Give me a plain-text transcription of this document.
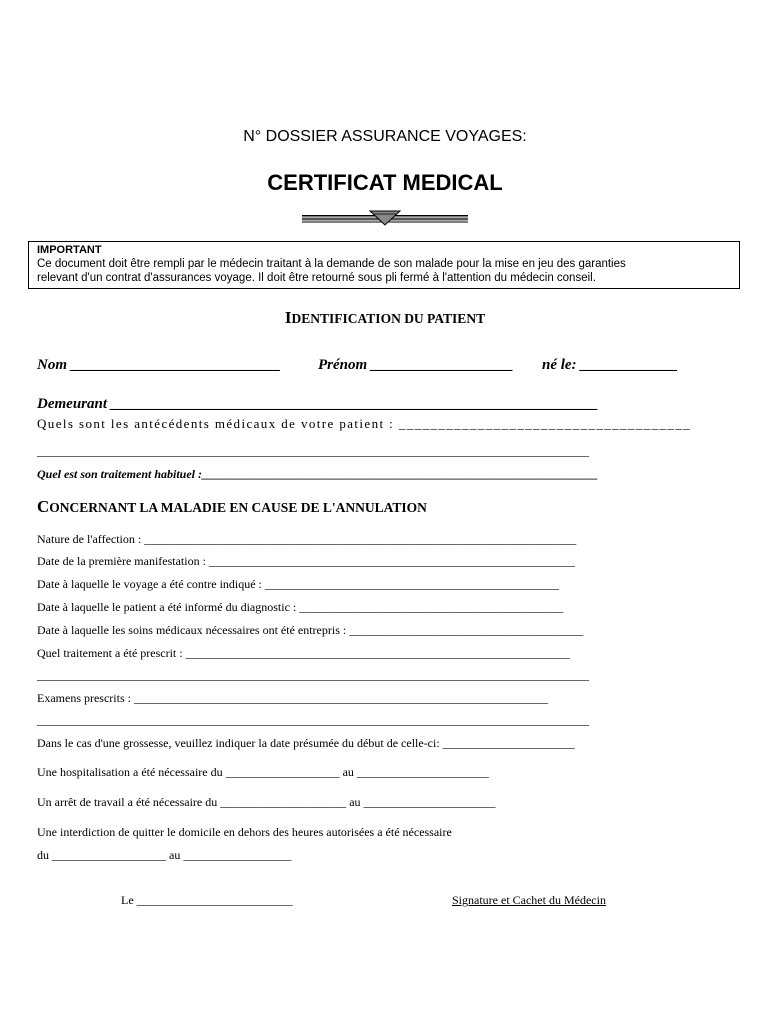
N° DOSSIER ASSURANCE VOYAGES:
CERTIFICAT MEDICAL
IMPORTANT
Ce document doit être rempli par le médecin traitant à la demande de son malade pour la mise en jeu des garanties
relevant d'un contrat d'assurances voyage. Il doit être retourné sous pli fermé à l'attention du médecin conseil.
IDENTIFICATION DU PATIENT
Nom ____________________________ Prénom ___________________ né le: _____________
Demeurant _________________________________________________________________
Quels sont les antécédents médicaux de votre patient : _____________________________________
____________________________________________________________________________________________
Quel est son traitement habituel :__________________________________________________________________
CONCERNANT LA MALADIE EN CAUSE DE L'ANNULATION
Nature de l'affection : ________________________________________________________________________
Date de la première manifestation : _____________________________________________________________
Date à laquelle le voyage a été contre indiqué : _________________________________________________
Date à laquelle le patient a été informé du diagnostic : ____________________________________________
Date à laquelle les soins médicaux nécessaires ont été entrepris : _______________________________________
Quel traitement a été prescrit : ________________________________________________________________
____________________________________________________________________________________________
Examens prescrits : _____________________________________________________________________
____________________________________________________________________________________________
Dans le cas d'une grossesse, veuillez indiquer la date présumée du début de celle-ci: ______________________
Une hospitalisation a été nécessaire du ___________________ au ______________________
Un arrêt de travail a été nécessaire du _____________________ au ______________________
Une interdiction de quitter le domicile en dehors des heures autorisées a été nécessaire
du ___________________ au __________________
Le __________________________	Signature et Cachet du Médecin
